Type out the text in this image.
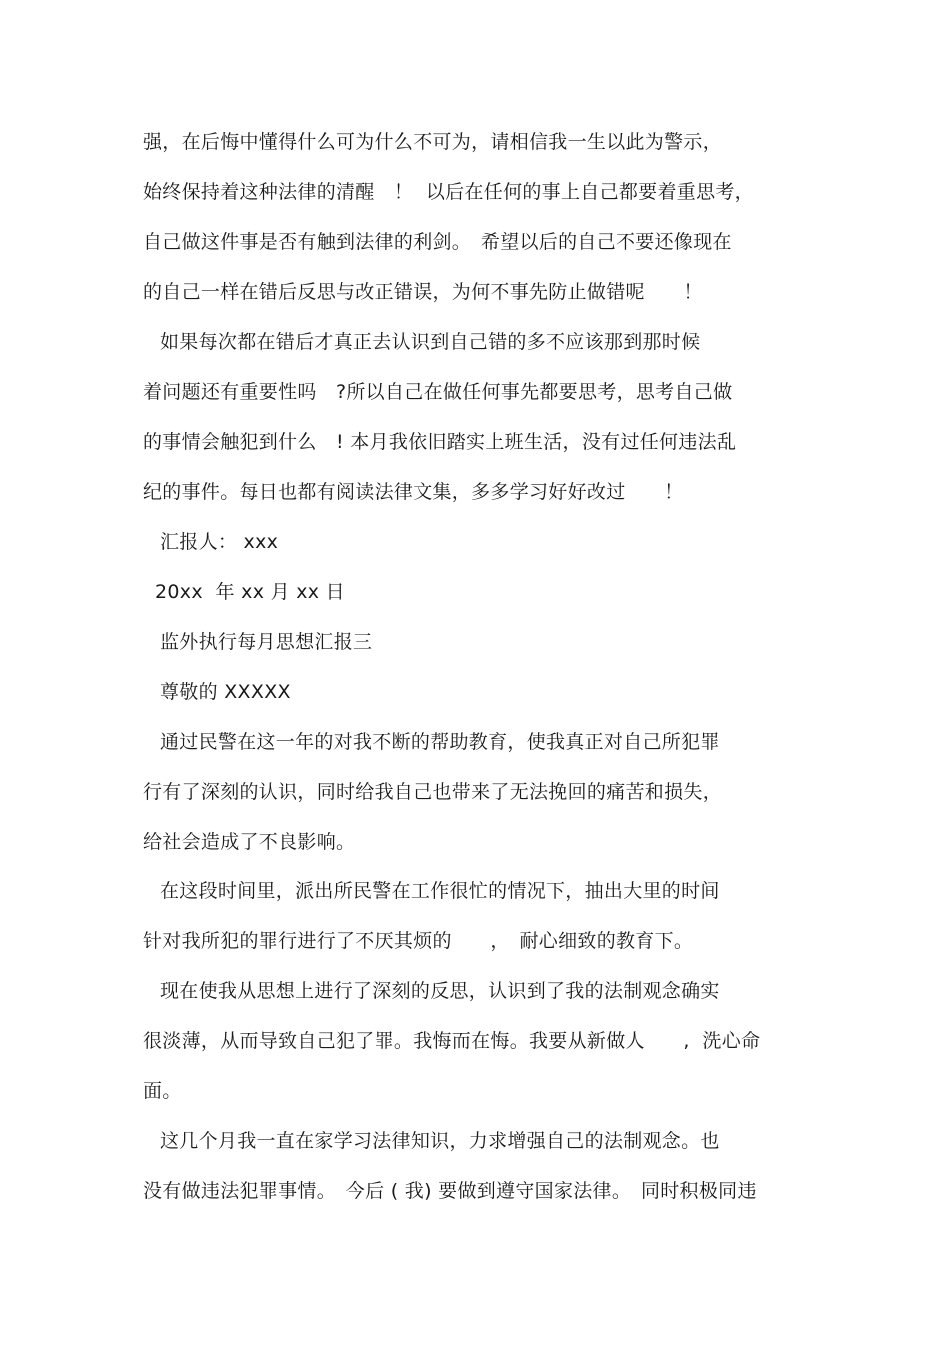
强，在后悔中懂得什么可为什么不可为，请相信我一生以此为警示，
始终保持着这种法律的清醒　！  以后在任何的事上自己都要着重思考，
自己做这件事是否有触到法律的利剑。　希望以后的自己不要还像现在
的自己一样在错后反思与改正错误，为何不事先防止做错呢　　！
如果每次都在错后才真正去认识到自己错的多不应该那到那时候
着问题还有重要性吗　?所以自己在做任何事先都要思考，思考自己做
的事情会触犯到什么　! 本月我依旧踏实上班生活，没有过任何违法乱
纪的事件。每日也都有阅读法律文集，多多学习好好改过　　！
汇报人： xxx
20xx  年 xx 月 xx 日
监外执行每月思想汇报三
尊敬的 XXXXX
通过民警在这一年的对我不断的帮助教育，使我真正对自己所犯罪
行有了深刻的认识，同时给我自己也带来了无法挽回的痛苦和损失，
给社会造成了不良影响。
在这段时间里，派出所民警在工作很忙的情况下，抽出大里的时间
针对我所犯的罪行进行了不厌其烦的　　，　耐心细致的教育下。
现在使我从思想上进行了深刻的反思，认识到了我的法制观念确实
很淡薄，从而导致自己犯了罪。我悔而在悔。我要从新做人　　,  洗心命
面。
这几个月我一直在家学习法律知识，力求增强自己的法制观念。也
没有做违法犯罪事情。　今后 ( 我) 要做到遵守国家法律。　同时积极同违
